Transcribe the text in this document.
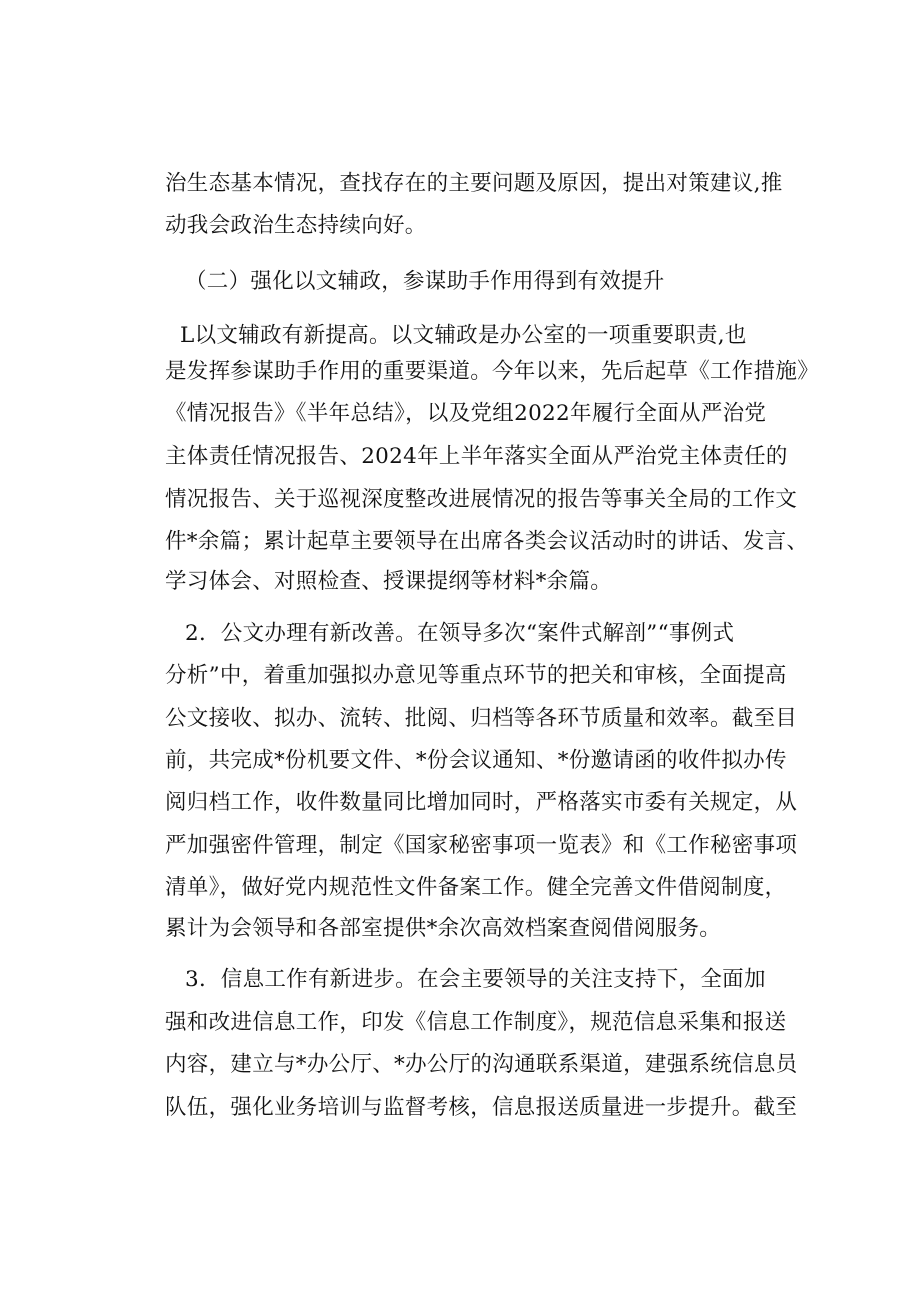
治生态基本情况，查找存在的主要问题及原因，提出对策建议,推

动我会政治生态持续向好。

（二）强化以文辅政，参谋助手作用得到有效提升

L以文辅政有新提高。以文辅政是办公室的一项重要职责,也

是发挥参谋助手作用的重要渠道。今年以来，先后起草《工作措施》

《情况报告》《半年总结》，以及党组2022年履行全面从严治党

主体责任情况报告、2024年上半年落实全面从严治党主体责任的

情况报告、关于巡视深度整改进展情况的报告等事关全局的工作文

件*余篇；累计起草主要领导在出席各类会议活动时的讲话、发言、

学习体会、对照检查、授课提纲等材料*余篇。

2．公文办理有新改善。在领导多次“案件式解剖”“事例式

分析”中，着重加强拟办意见等重点环节的把关和审核，全面提高

公文接收、拟办、流转、批阅、归档等各环节质量和效率。截至目

前，共完成*份机要文件、*份会议通知、*份邀请函的收件拟办传

阅归档工作，收件数量同比增加同时，严格落实市委有关规定，从

严加强密件管理，制定《国家秘密事项一览表》和《工作秘密事项

清单》，做好党内规范性文件备案工作。健全完善文件借阅制度，

累计为会领导和各部室提供*余次高效档案查阅借阅服务。

3．信息工作有新进步。在会主要领导的关注支持下，全面加

强和改进信息工作，印发《信息工作制度》，规范信息采集和报送

内容，建立与*办公厅、*办公厅的沟通联系渠道，建强系统信息员

队伍，强化业务培训与监督考核，信息报送质量进一步提升。截至
